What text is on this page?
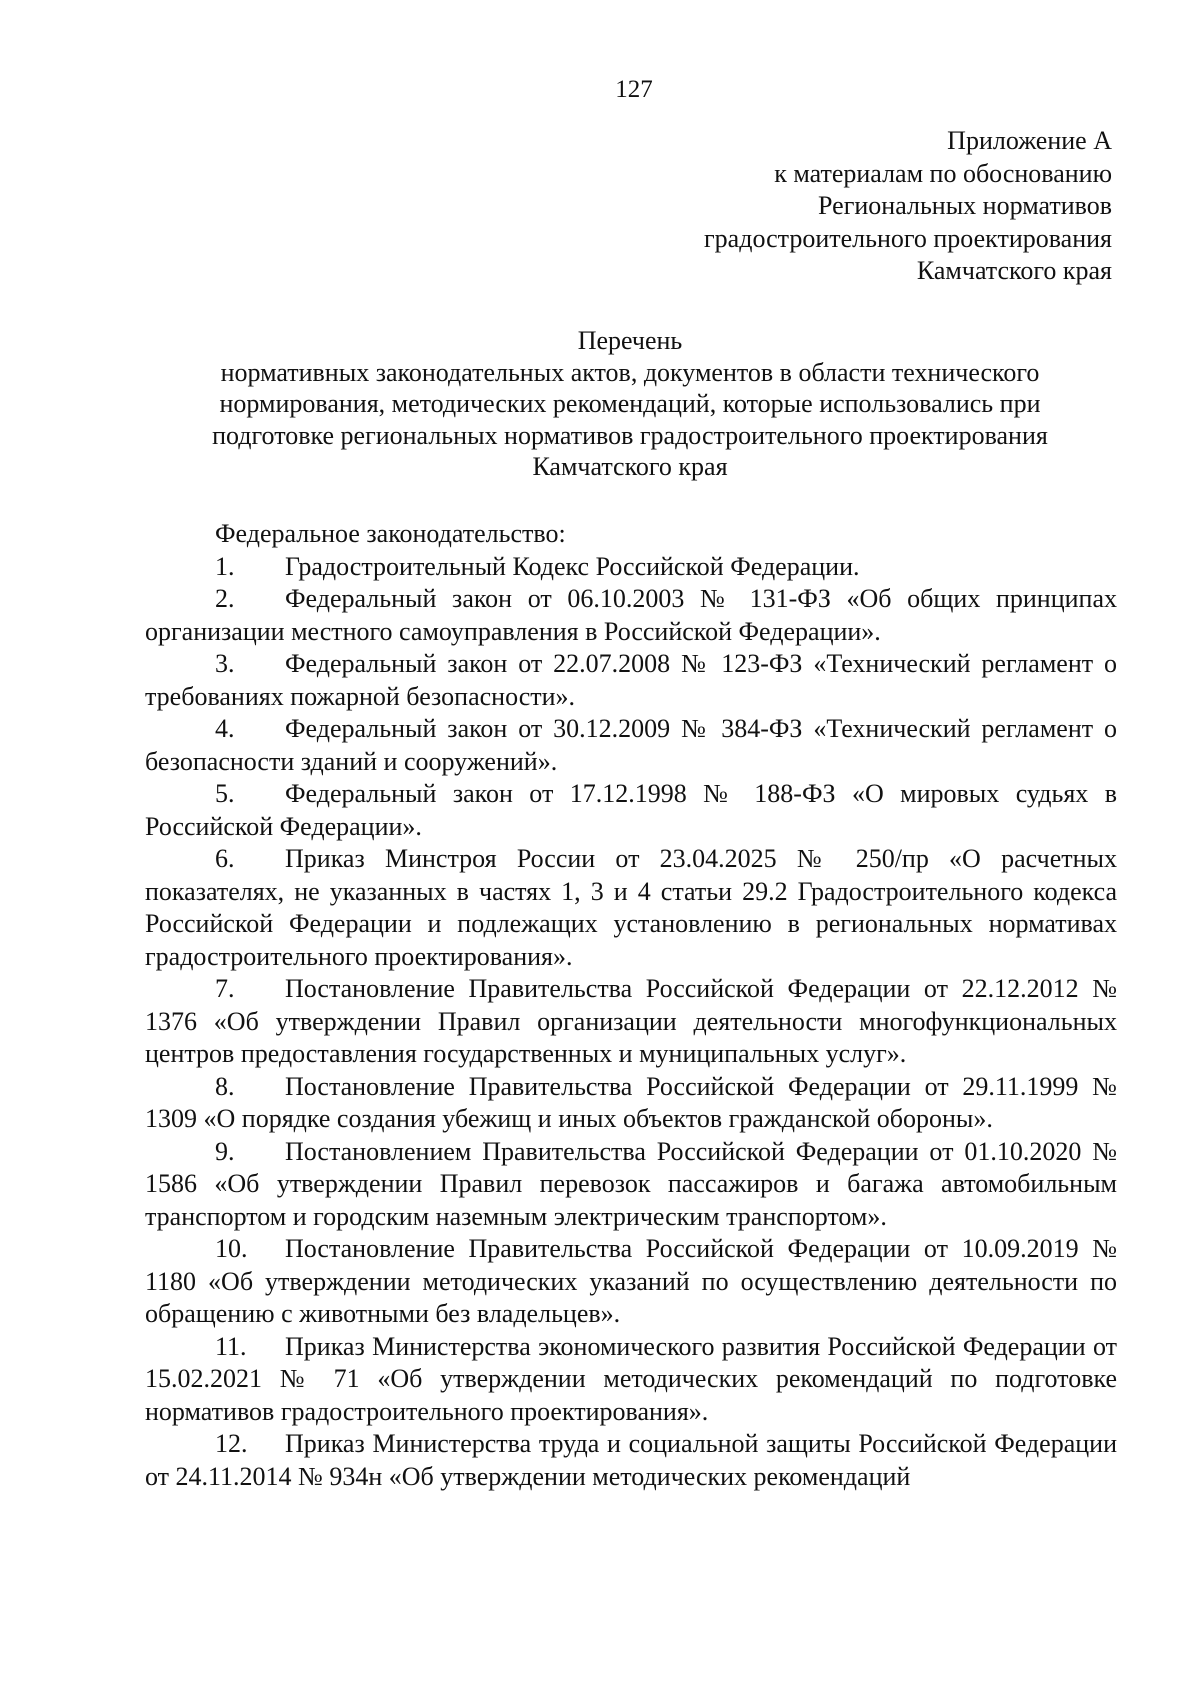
127
Приложение А
к материалам по обоснованию
Региональных нормативов
градостроительного проектирования
Камчатского края
Перечень
нормативных законодательных актов, документов в области технического
нормирования, методических рекомендаций, которые использовались при
подготовке региональных нормативов градостроительного проектирования
Камчатского края
Федеральное законодательство:
1. Градостроительный Кодекс Российской Федерации.
2. Федеральный закон от 06.10.2003 № 131-ФЗ «Об общих принципах организации местного самоуправления в Российской Федерации».
3. Федеральный закон от 22.07.2008 № 123-ФЗ «Технический регламент о требованиях пожарной безопасности».
4. Федеральный закон от 30.12.2009 № 384-ФЗ «Технический регламент о безопасности зданий и сооружений».
5. Федеральный закон от 17.12.1998 № 188-ФЗ «О мировых судьях в Российской Федерации».
6. Приказ Минстроя России от 23.04.2025 № 250/пр «О расчетных показателях, не указанных в частях 1, 3 и 4 статьи 29.2 Градостроительного кодекса Российской Федерации и подлежащих установлению в региональных нормативах градостроительного проектирования».
7. Постановление Правительства Российской Федерации от 22.12.2012 № 1376 «Об утверждении Правил организации деятельности многофункциональных центров предоставления государственных и муниципальных услуг».
8. Постановление Правительства Российской Федерации от 29.11.1999 № 1309 «О порядке создания убежищ и иных объектов гражданской обороны».
9. Постановлением Правительства Российской Федерации от 01.10.2020 № 1586 «Об утверждении Правил перевозок пассажиров и багажа автомобильным транспортом и городским наземным электрическим транспортом».
10. Постановление Правительства Российской Федерации от 10.09.2019 № 1180 «Об утверждении методических указаний по осуществлению деятельности по обращению с животными без владельцев».
11. Приказ Министерства экономического развития Российской Федерации от 15.02.2021 № 71 «Об утверждении методических рекомендаций по подготовке нормативов градостроительного проектирования».
12. Приказ Министерства труда и социальной защиты Российской Федерации от 24.11.2014 № 934н «Об утверждении методических рекомендаций
